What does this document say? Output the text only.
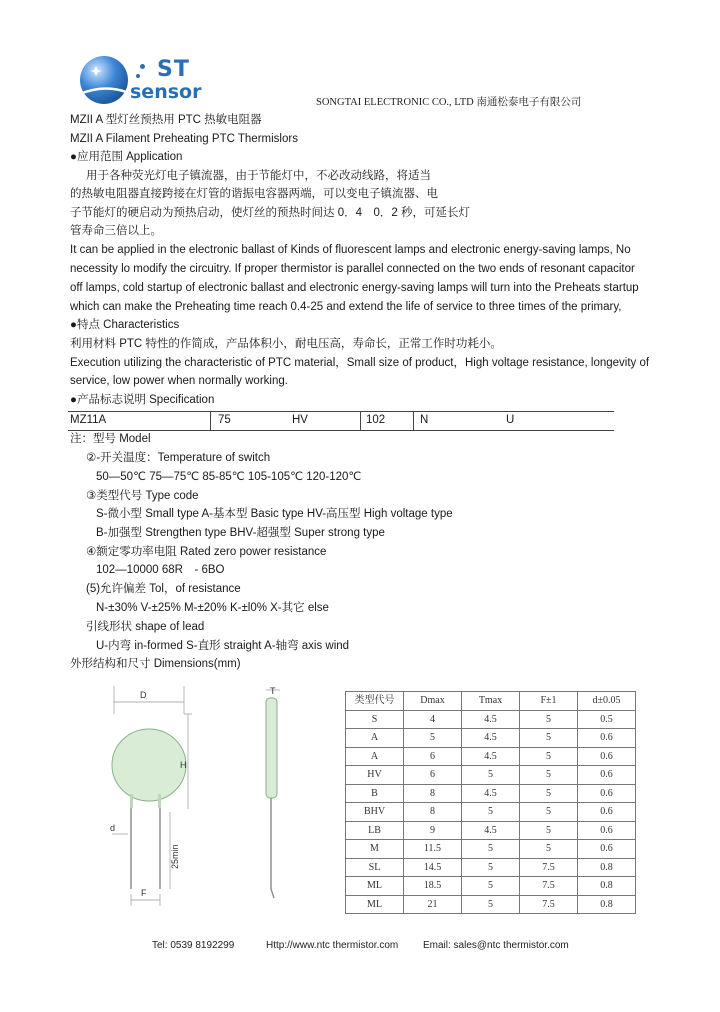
ST
sensor	SONGTAI ELECTRONIC CO., LTD 南通松泰电子有限公司
MZII A 型灯丝预热用 PTC 热敏电阻器
MZII A Filament Preheating PTC Thermislors
●应用范围 Application
用于各种荧光灯电子镇流器，由于节能灯中，不必改动线路，将适当
的热敏电阻器直接跨接在灯管的谐振电容器两端，可以变电子镇流器、电
子节能灯的硬启动为预热启动，使灯丝的预热时间达 0．4　0．2 秒，可延长灯
管寿命三倍以上。
It can be applied in the electronic ballast of Kinds of fluorescent lamps and electronic energy-saving lamps, No
necessity lo modify the circuitry. If proper thermistor is parallel connected on the two ends of resonant capacitor
off lamps, cold startup of electronic ballast and electronic energy-saving lamps will turn into the Preheats startup
which can make the Preheating time reach 0.4-25 and extend the life of service to three times of the primary,
●特点 Characteristics
利用材料 PTC 特性的作简成，产品体积小，耐电压高，寿命长，正常工作时功耗小。
Execution utilizing the characteristic of PTC material，Small size of product，High voltage resistance, longevity of
service, low power when normally working.
●产品标志说明 Specification
MZ11A	75	HV	102	N	U
注：型号 Model
②-开关温度：Temperature of switch
50—50℃ 75—75℃ 85-85℃ 105-105℃ 120-120℃
③类型代号 Type code
S-微小型 Small type A-基本型 Basic type HV-高压型 High voltage type
B-加强型 Strengthen type BHV-超强型 Super strong type
④额定零功率电阻 Rated zero power resistance
102—10000 68R　- 6BO
(5)允许偏差 Tol，of resistance
N-±30% V-±25% M-±20% K-±l0% X-其它 else
引线形状 shape of lead
U-内弯 in-formed S-直形 straight A-轴弯 axis wind
外形结构和尺寸 Dimensions(mm)
D
H
d
25min
F
T
类型代号	Dmax	Tmax	F±1	d±0.05
S	4	4.5	5	0.5
A	5	4.5	5	0.6
A	6	4.5	5	0.6
HV	6	5	5	0.6
B	8	4.5	5	0.6
BHV	8	5	5	0.6
LB	9	4.5	5	0.6
M	11.5	5	5	0.6
SL	14.5	5	7.5	0.8
ML	18.5	5	7.5	0.8
ML	21	5	7.5	0.8
Tel: 0539 8192299	Http://www.ntc thermistor.com Email: sales@ntc thermistor.com
